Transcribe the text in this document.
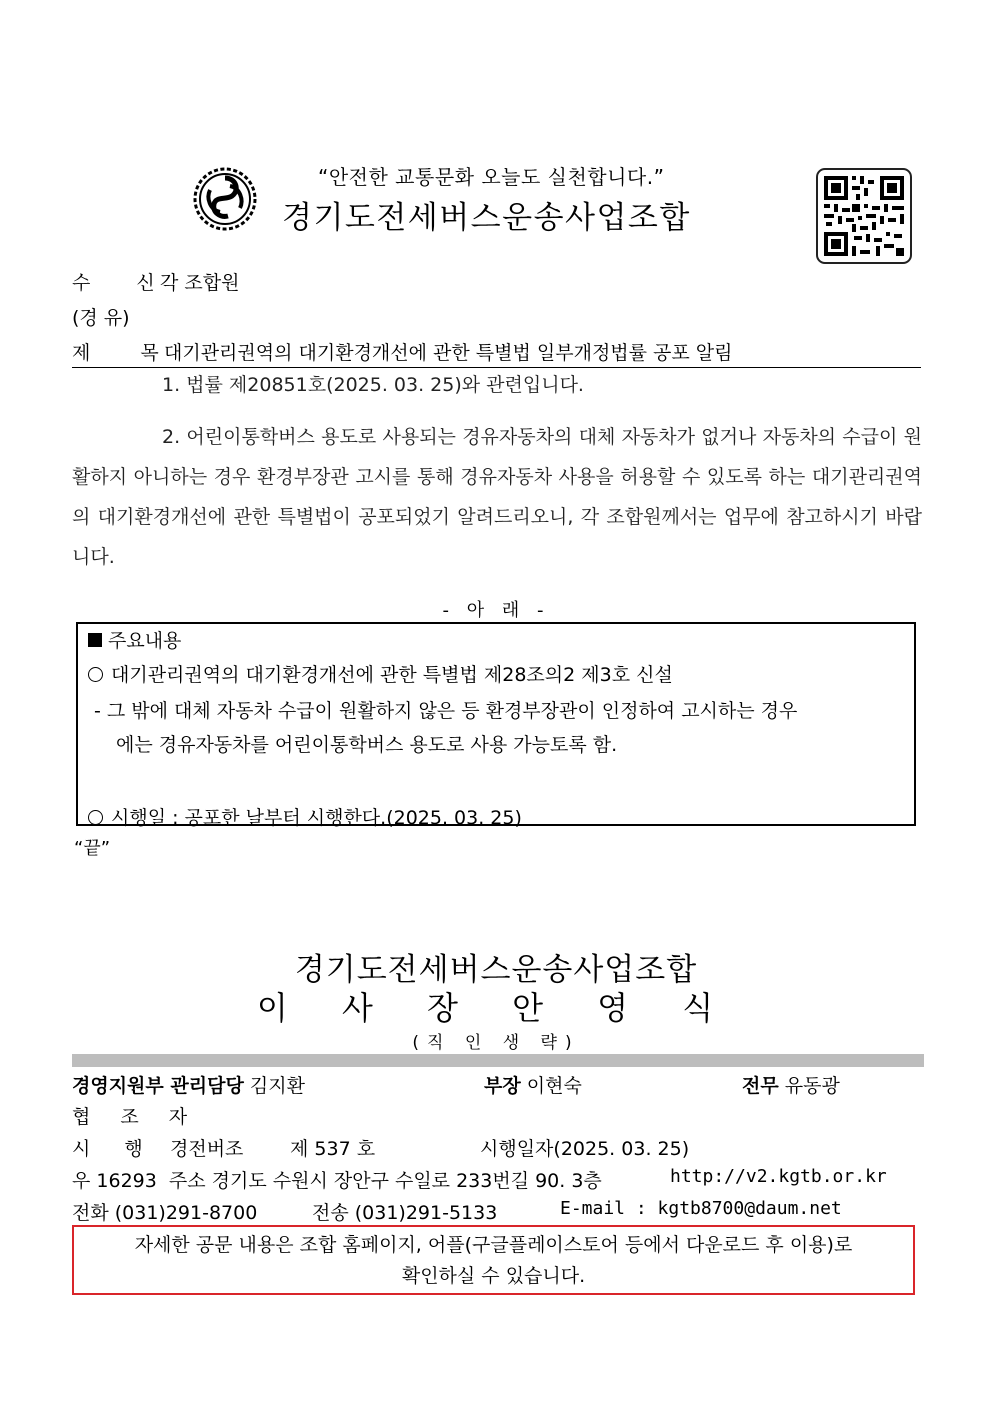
“안전한 교통문화 오늘도 실천합니다.”
경기도전세버스운송사업조합
수 신각 조합원
(경 유)
제 목대기관리권역의 대기환경개선에 관한 특별법 일부개정법률 공포 알림
1. 법률 제20851호(2025. 03. 25)와 관련입니다.
2. 어린이통학버스 용도로 사용되는 경유자동차의 대체 자동차가 없거나 자동차의 수급이 원활하지 아니하는 경우 환경부장관 고시를 통해 경유자동차 사용을 허용할 수 있도록 하는 대기관리권역의 대기환경개선에 관한 특별법이 공포되었기 알려드리오니, 각 조합원께서는 업무에 참고하시기 바랍니다.
- 아 래 -
주요내용
대기관리권역의 대기환경개선에 관한 특별법 제28조의2 제3호 신설
- 그 밖에 대체 자동차 수급이 원활하지 않은 등 환경부장관이 인정하여 고시하는 경우
에는 경유자동차를 어린이통학버스 용도로 사용 가능토록 함.
시행일 : 공포한 날부터 시행한다.(2025. 03. 25)
“끝”
경기도전세버스운송사업조합
이 사 장 안 영 식
(직 인 생 략)
경영지원부 관리담당 김지환	부장 이현숙	전무 유동광
협 조 자
시 행 경전버조 제 537 호	시행일자(2025. 03. 25)
우 16293  주소 경기도 수원시 장안구 수일로 233번길 90. 3층	http://v2.kgtb.or.kr
전화 (031)291-8700	전송 (031)291-5133	E-mail : kgtb8700@daum.net
자세한 공문 내용은 조합 홈페이지, 어플(구글플레이스토어 등에서 다운로드 후 이용)로
확인하실 수 있습니다.
